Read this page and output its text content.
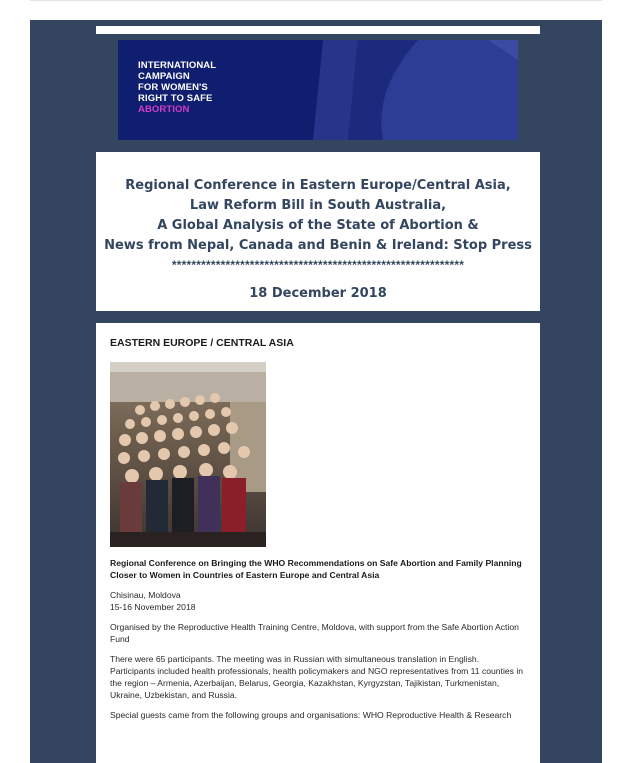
INTERNATIONAL
CAMPAIGN
FOR WOMEN'S
RIGHT TO SAFE
ABORTION
Regional Conference in Eastern Europe/Central Asia,
Law Reform Bill in South Australia,
A Global Analysis of the State of Abortion &
News from Nepal, Canada and Benin & Ireland: Stop Press
************************************************************
18 December 2018
EASTERN EUROPE / CENTRAL ASIA

Regional Conference on Bringing the WHO Recommendations on Safe Abortion and Family Planning Closer to Women in Countries of Eastern Europe and Central Asia

Chisinau, Moldova
15-16 November 2018

Organised by the Reproductive Health Training Centre, Moldova, with support from the Safe Abortion Action Fund

There were 65 participants. The meeting was in Russian with simultaneous translation in English. Participants included health professionals, health policymakers and NGO representatives from 11 counties in the region – Armenia, Azerbaijan, Belarus, Georgia, Kazakhstan, Kyrgyzstan, Tajikistan, Turkmenistan, Ukraine, Uzbekistan, and Russia.

Special guests came from the following groups and organisations: WHO Reproductive Health & Research
